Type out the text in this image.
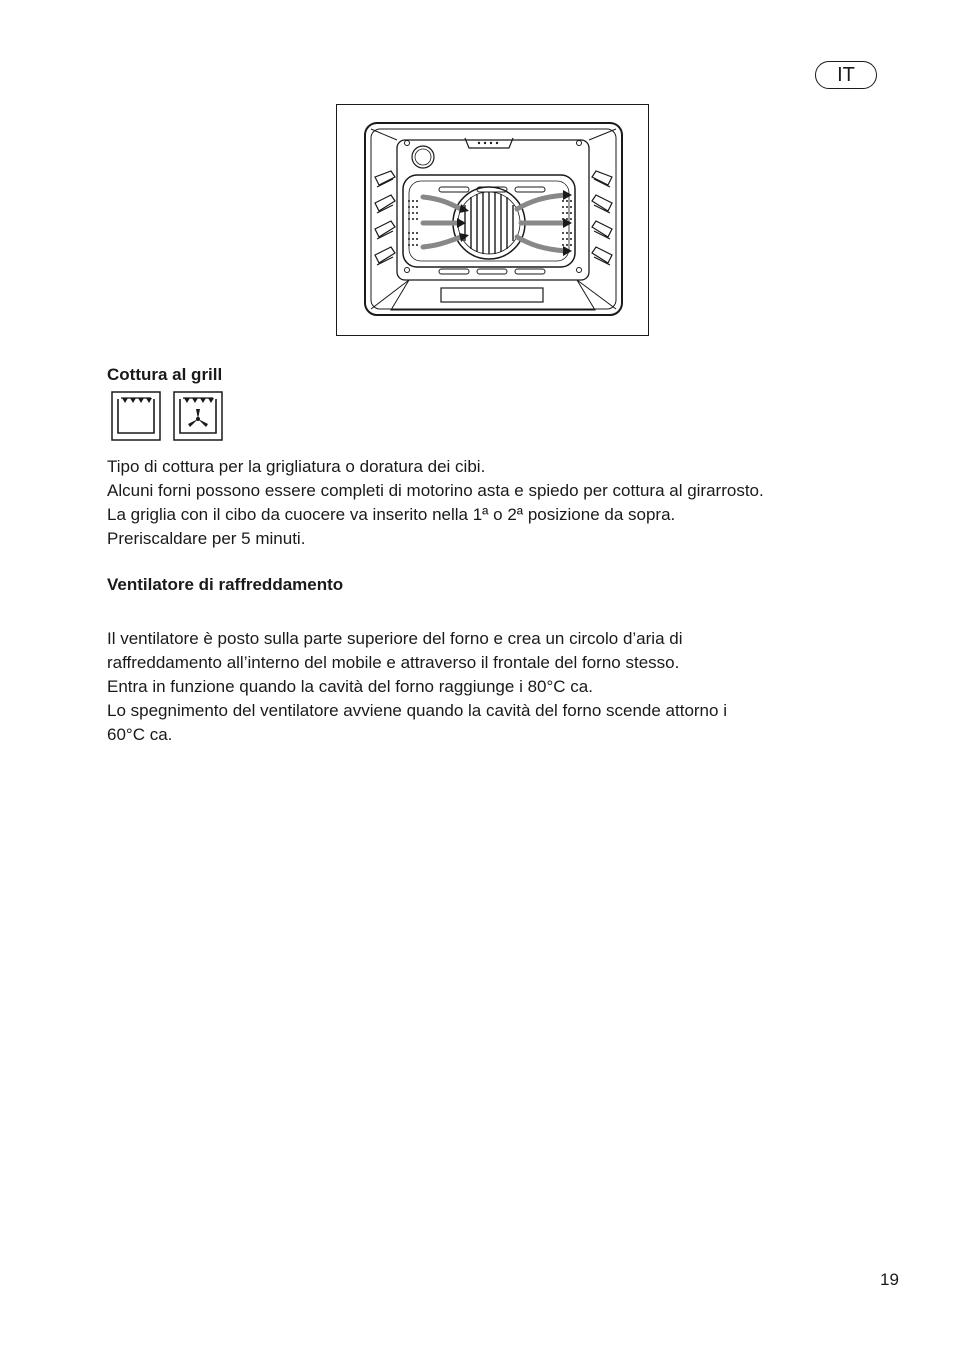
IT
Cottura al grill

Tipo di cottura per la grigliatura o doratura dei cibi.

Alcuni forni possono essere completi di motorino asta e spiedo per cottura al girarrosto.

La griglia con il cibo da cuocere va inserito nella 1ª o 2ª posizione da sopra.

Preriscaldare per 5 minuti.

Ventilatore di raffreddamento

Il ventilatore è posto sulla parte superiore del forno e crea un circolo d’aria di

raffreddamento all’interno del mobile e attraverso il frontale del forno stesso.

Entra in funzione quando la cavità del forno raggiunge i 80°C ca.

Lo spegnimento del ventilatore avviene quando la cavità del forno scende attorno i

60°C ca.

19
